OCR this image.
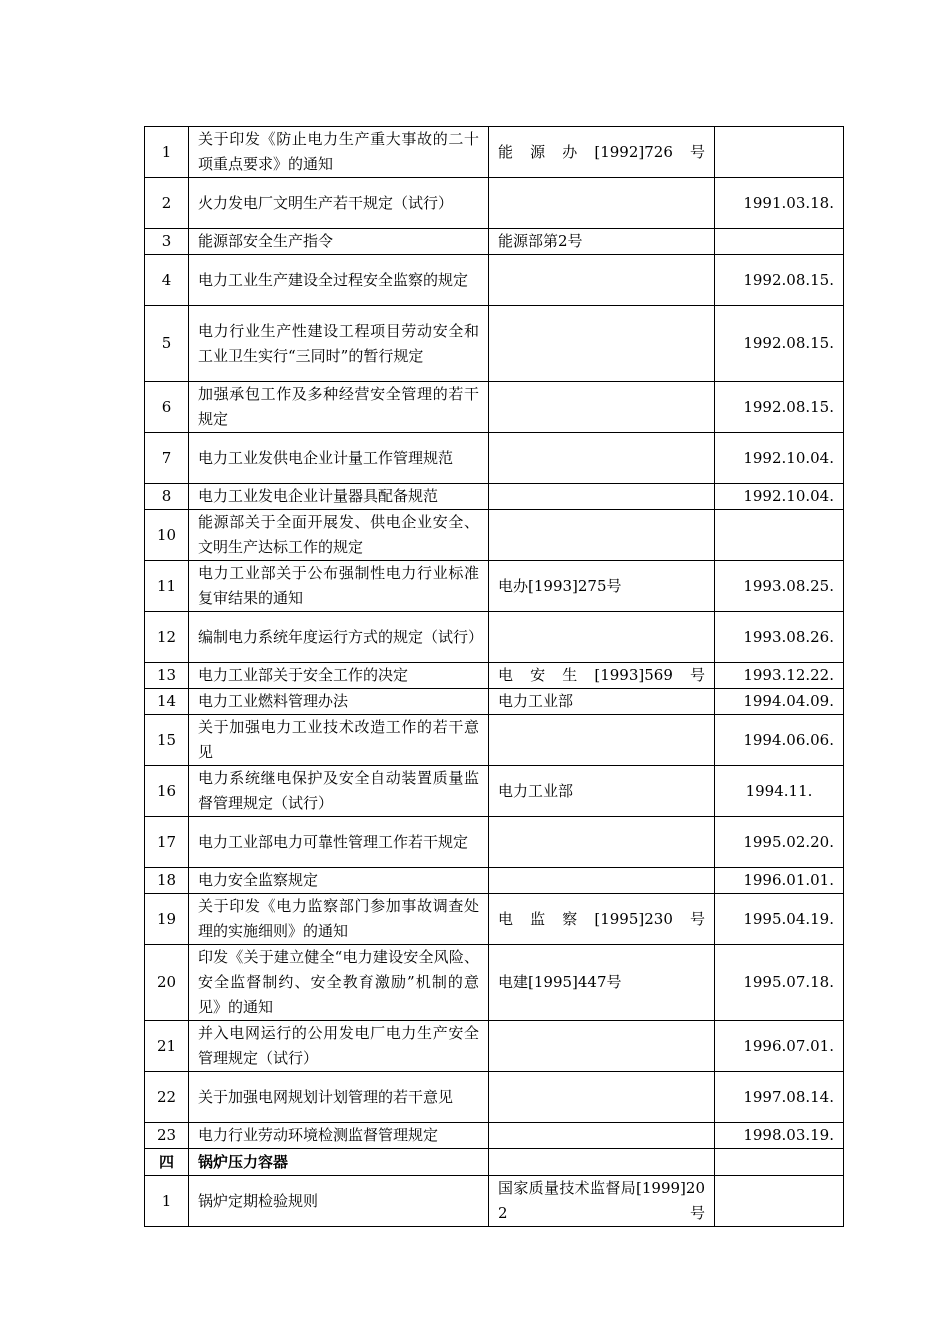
1	关于印发《防止电力生产重大事故的二十项重点要求》的通知	能源办[1992]726号	
2	火力发电厂文明生产若干规定（试行）		1991.03.18.
3	能源部安全生产指令	能源部第2号	
4	电力工业生产建设全过程安全监察的规定		1992.08.15.
5	电力行业生产性建设工程项目劳动安全和工业卫生实行“三同时”的暂行规定		1992.08.15.
6	加强承包工作及多种经营安全管理的若干规定		1992.08.15.
7	电力工业发供电企业计量工作管理规范		1992.10.04.
8	电力工业发电企业计量器具配备规范		1992.10.04.
10	能源部关于全面开展发、供电企业安全、文明生产达标工作的规定		
11	电力工业部关于公布强制性电力行业标准复审结果的通知	电办[1993]275号	1993.08.25.
12	编制电力系统年度运行方式的规定（试行）		1993.08.26.
13	电力工业部关于安全工作的决定	电安生[1993]569号	1993.12.22.
14	电力工业燃料管理办法	电力工业部	1994.04.09.
15	关于加强电力工业技术改造工作的若干意见		1994.06.06.
16	电力系统继电保护及安全自动装置质量监督管理规定（试行）	电力工业部	1994.11.
17	电力工业部电力可靠性管理工作若干规定		1995.02.20.
18	电力安全监察规定		1996.01.01.
19	关于印发《电力监察部门参加事故调查处理的实施细则》的通知	电监察[1995]230号	1995.04.19.
20	印发《关于建立健全“电力建设安全风险、安全监督制约、安全教育激励”机制的意见》的通知	电建[1995]447号	1995.07.18.
21	并入电网运行的公用发电厂电力生产安全管理规定（试行）		1996.07.01.
22	关于加强电网规划计划管理的若干意见		1997.08.14.
23	电力行业劳动环境检测监督管理规定		1998.03.19.
四	锅炉压力容器		
1	锅炉定期检验规则	国家质量技术监督局[1999]202号	
